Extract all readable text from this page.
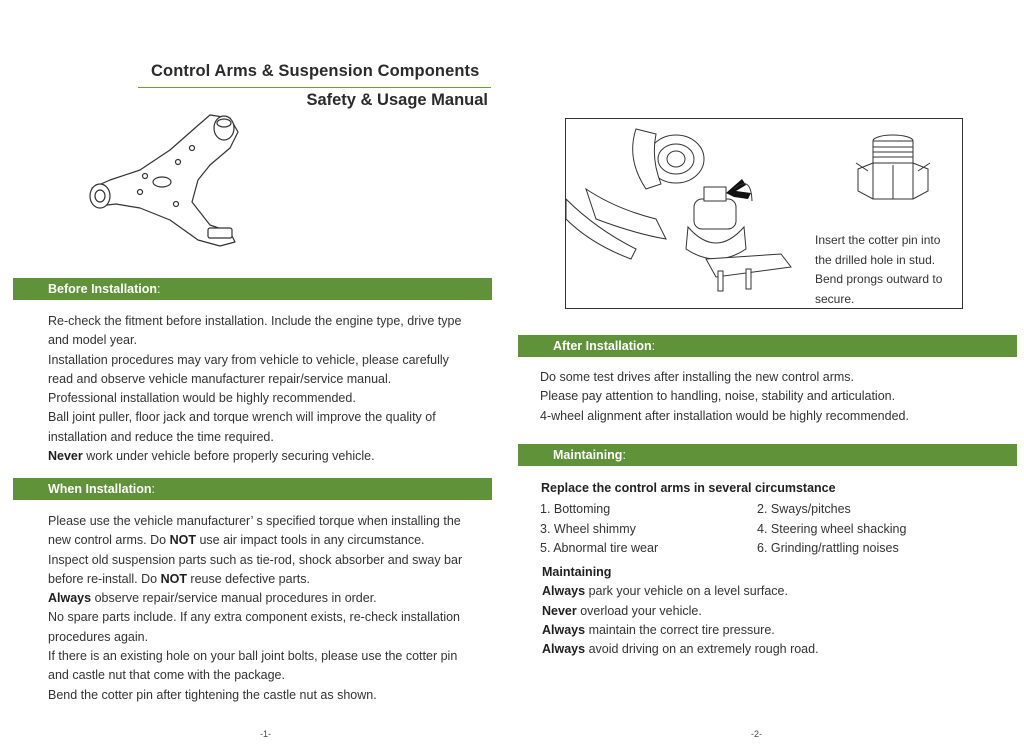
Control Arms & Suspension Components
Safety & Usage Manual
Before Installation:

Re-check the fitment before installation. Include the engine type, drive type

and model year.

Installation procedures may vary from vehicle to vehicle, please carefully

read and observe vehicle manufacturer repair/service manual.

Professional installation would be highly recommended.

Ball joint puller, floor jack and torque wrench will improve the quality of

installation and reduce the time required.

Never work under vehicle before properly securing vehicle.

When Installation:

Please use the vehicle manufacturer’ s specified torque when installing the

new control arms. Do NOT use air impact tools in any circumstance.

Inspect old suspension parts such as tie-rod, shock absorber and sway bar

before re-install. Do NOT reuse defective parts.

Always observe repair/service manual procedures in order.

No spare parts include. If any extra component exists, re-check installation

procedures again.

If there is an existing hole on your ball joint bolts, please use the cotter pin

and castle nut that come with the package.

Bend the cotter pin after tightening the castle nut as shown.

-1-

Insert the cotter pin into

the drilled hole in stud.

Bend prongs outward to

secure.

After Installation:

Do some test drives after installing the new control arms.

Please pay attention to handling, noise, stability and articulation.

4-wheel alignment after installation would be highly recommended.

Maintaining:
Replace the control arms in several circumstance
1. Bottoming	2. Sways/pitches
3. Wheel shimmy	4. Steering wheel shacking
5. Abnormal tire wear	6. Grinding/rattling noises

Maintaining

Always park your vehicle on a level surface.

Never overload your vehicle.

Always maintain the correct tire pressure.

Always avoid driving on an extremely rough road.

-2-
